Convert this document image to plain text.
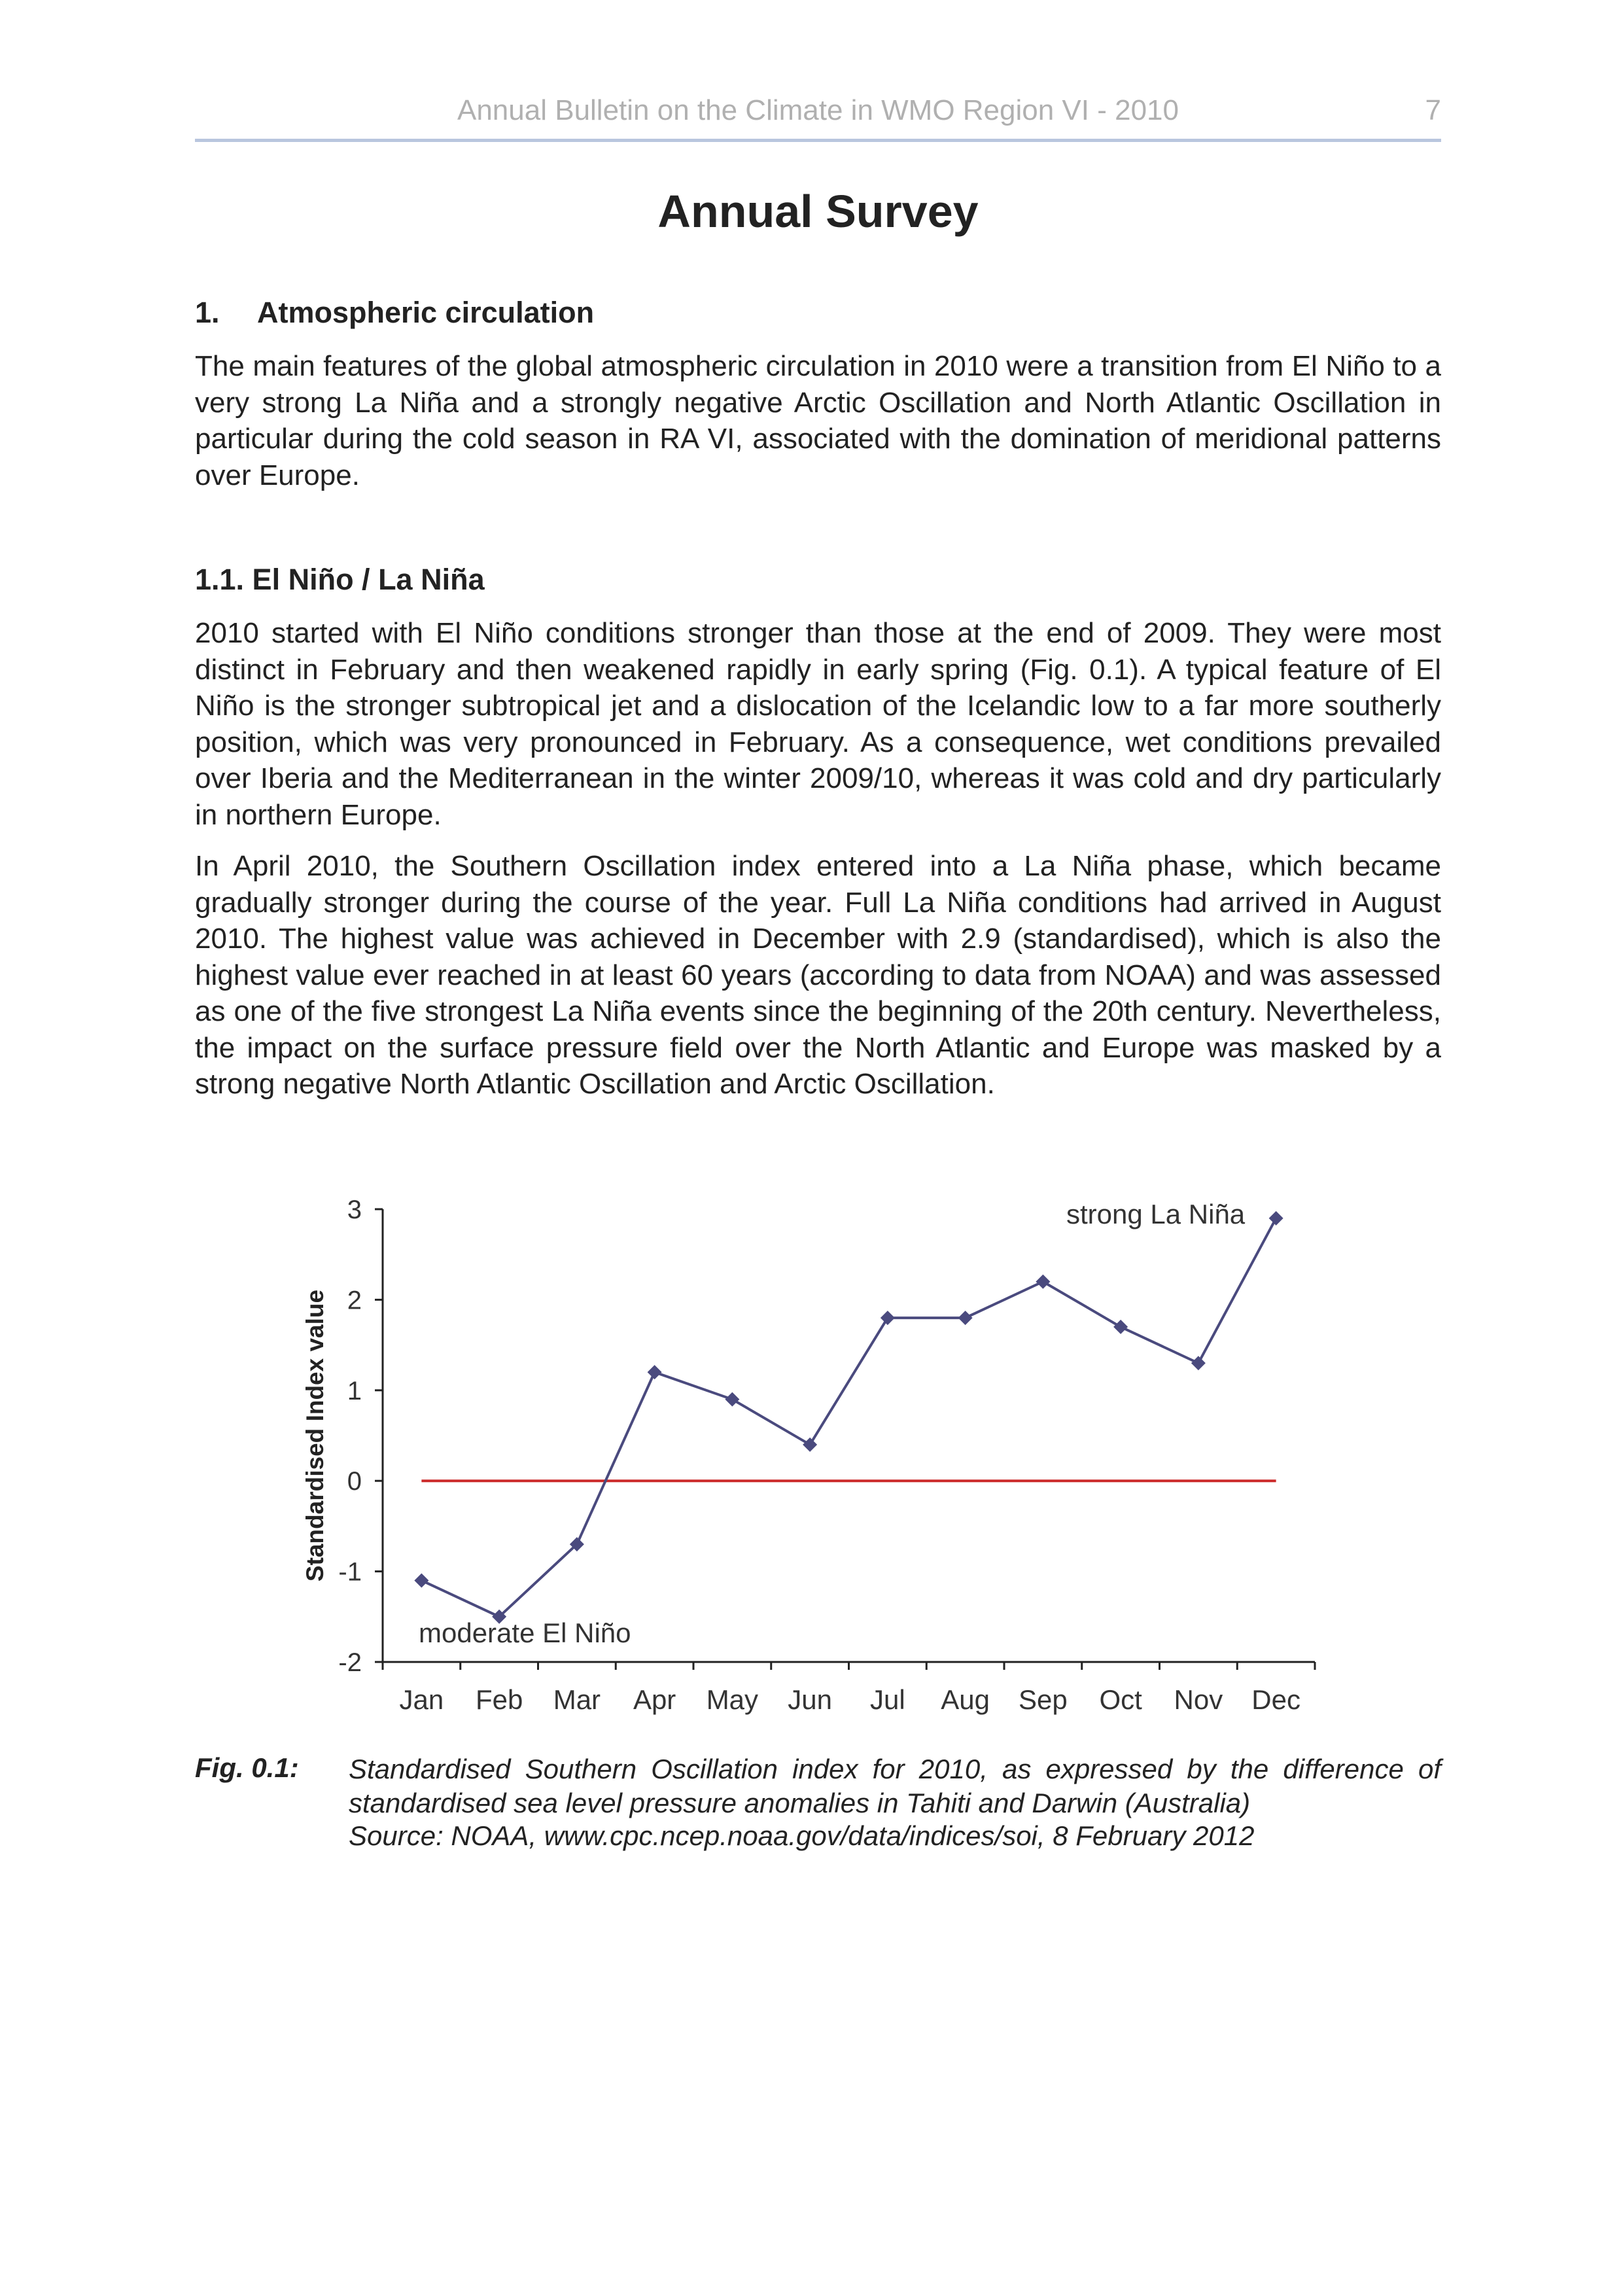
Annual Bulletin on the Climate in WMO Region VI - 2010	7
Annual Survey
1. Atmospheric circulation

The main features of the global atmospheric circulation in 2010 were a transition from El Niño to a very strong La Niña and a strongly negative Arctic Oscillation and North Atlantic Oscillation in particular during the cold season in RA VI, associated with the domination of meridional patterns over Europe.

1.1. El Niño / La Niña

2010 started with El Niño conditions stronger than those at the end of 2009. They were most distinct in February and then weakened rapidly in early spring (Fig. 0.1). A typical feature of El Niño is the stronger subtropical jet and a dislocation of the Icelandic low to a far more southerly position, which was very pronounced in February. As a consequence, wet conditions prevailed over Iberia and the Mediterranean in the winter 2009/10, whereas it was cold and dry particularly in northern Europe.

In April 2010, the Southern Oscillation index entered into a La Niña phase, which became gradually stronger during the course of the year. Full La Niña conditions had arrived in August 2010. The highest value was achieved in December with 2.9 (standardised), which is also the highest value ever reached in at least 60 years (according to data from NOAA) and was assessed as one of the five strongest La Niña events since the beginning of the 20th century. Nevertheless, the impact on the surface pressure field over the North Atlantic and Europe was masked by a strong negative North Atlantic Oscillation and Arctic Oscillation.

3
2
1
0
-1
-2
Jan Feb Mar Apr May Jun Jul Aug Sep Oct Nov Dec
Standardised Index value
strong La Niña
moderate El Niño
Fig. 0.1: Standardised Southern Oscillation index for 2010, as expressed by the difference of standardised sea level pressure anomalies in Tahiti and Darwin (Australia)

Source: NOAA, www.cpc.ncep.noaa.gov/data/indices/soi, 8 February 2012
